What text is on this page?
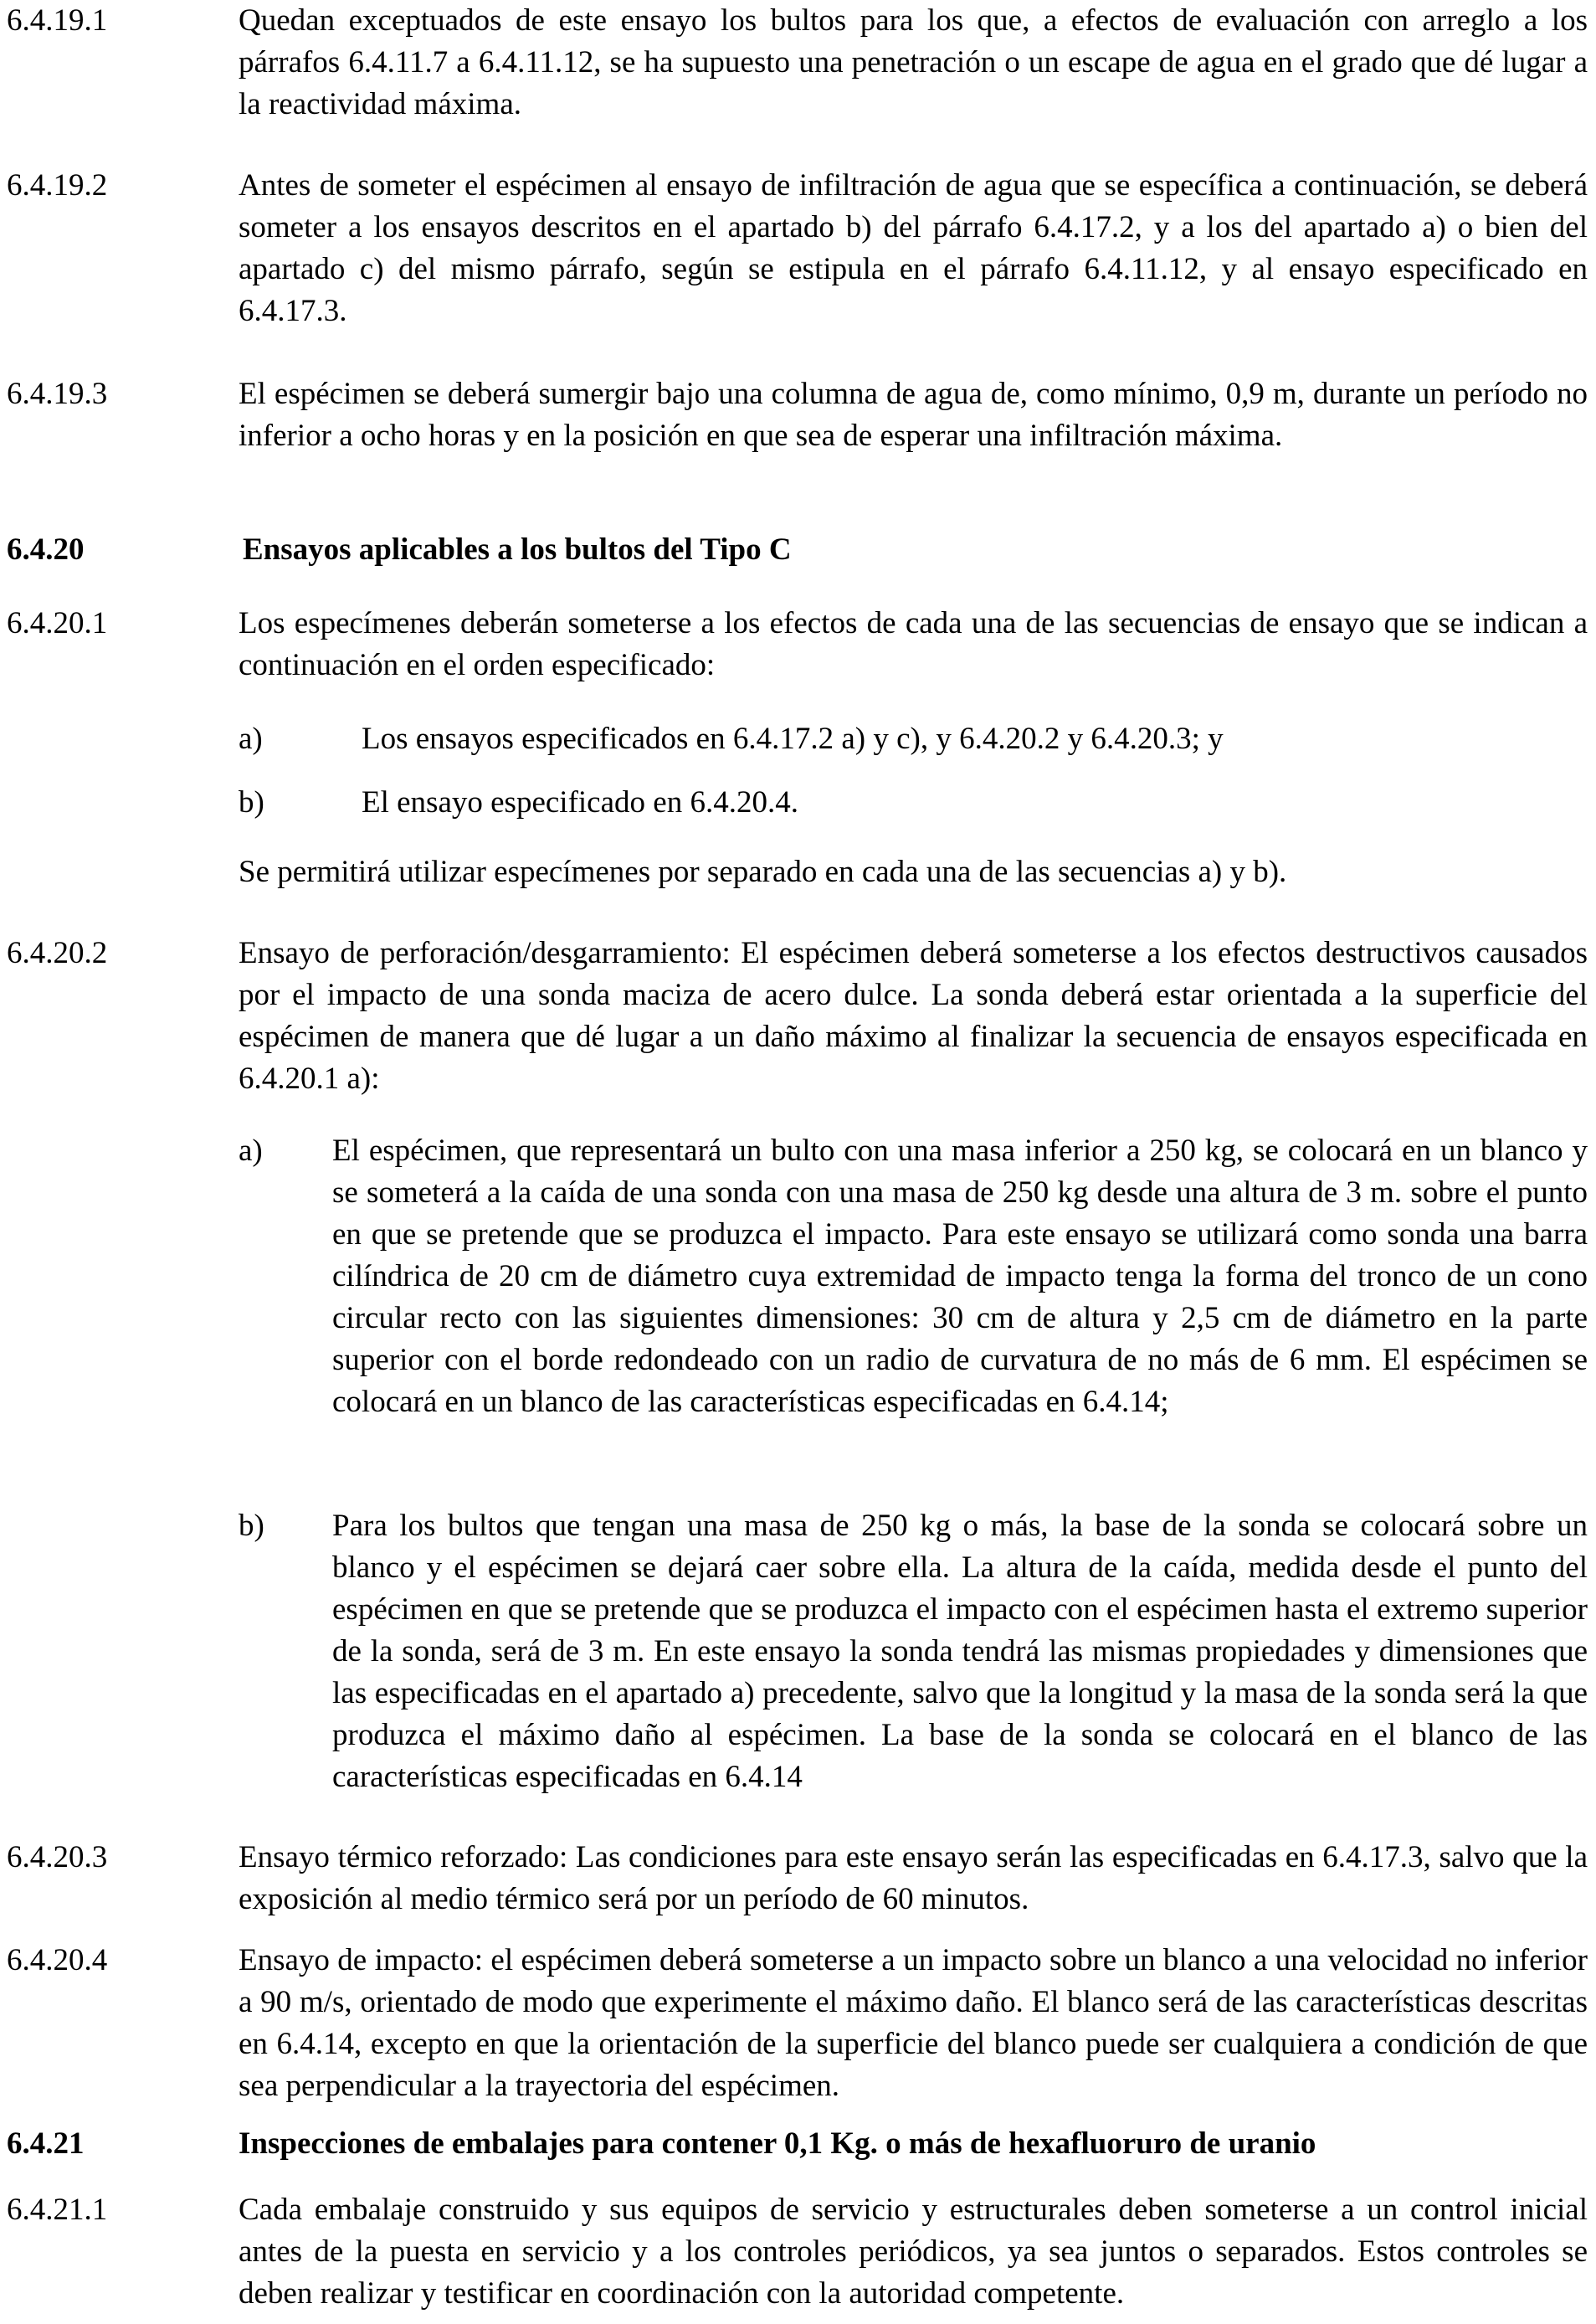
6.4.19.1	Quedan exceptuados de este ensayo los bultos para los que, a efectos de evaluación con arreglo a los párrafos 6.4.11.7 a 6.4.11.12, se ha supuesto una penetración o un escape de agua en el grado que dé lugar a la reactividad máxima.
6.4.19.2	Antes de someter el espécimen al ensayo de infiltración de agua que se específica a continuación, se deberá someter a los ensayos descritos en el apartado b) del párrafo 6.4.17.2, y a los del apartado a) o bien del apartado c) del mismo párrafo, según se estipula en el párrafo 6.4.11.12, y al ensayo especificado en 6.4.17.3.
6.4.19.3	El espécimen se deberá sumergir bajo una columna de agua de, como mínimo, 0,9 m, durante un período no inferior a ocho horas y en la posición en que sea de esperar una infiltración máxima.
6.4.20	Ensayos aplicables a los bultos del Tipo C
6.4.20.1	Los especímenes deberán someterse a los efectos de cada una de las secuencias de ensayo que se indican a continuación en el orden especificado:
a)	Los ensayos especificados en 6.4.17.2 a) y c), y 6.4.20.2 y 6.4.20.3; y
b)	El ensayo especificado en 6.4.20.4.
Se permitirá utilizar especímenes por separado en cada una de las secuencias a) y b).
6.4.20.2	Ensayo de perforación/desgarramiento: El espécimen deberá someterse a los efectos destructivos causados por el impacto de una sonda maciza de acero dulce. La sonda deberá estar orientada a la superficie del espécimen de manera que dé lugar a un daño máximo al finalizar la secuencia de ensayos especificada en 6.4.20.1 a):
a) El espécimen, que representará un bulto con una masa inferior a 250 kg, se colocará en un blanco y se someterá a la caída de una sonda con una masa de 250 kg desde una altura de 3 m. sobre el punto en que se pretende que se produzca el impacto. Para este ensayo se utilizará como sonda una barra cilíndrica de 20 cm de diámetro cuya extremidad de impacto tenga la forma del tronco de un cono circular recto con las siguientes dimensiones: 30 cm de altura y 2,5 cm de diámetro en la parte superior con el borde redondeado con un radio de curvatura de no más de 6 mm. El espécimen se colocará en un blanco de las características especificadas en 6.4.14;
b) Para los bultos que tengan una masa de 250 kg o más, la base de la sonda se colocará sobre un blanco y el espécimen se dejará caer sobre ella. La altura de la caída, medida desde el punto del espécimen en que se pretende que se produzca el impacto con el espécimen hasta el extremo superior de la sonda, será de 3 m. En este ensayo la sonda tendrá las mismas propiedades y dimensiones que las especificadas en el apartado a) precedente, salvo que la longitud y la masa de la sonda será la que produzca el máximo daño al espécimen. La base de la sonda se colocará en el blanco de las características especificadas en 6.4.14
6.4.20.3	Ensayo térmico reforzado: Las condiciones para este ensayo serán las especificadas en 6.4.17.3, salvo que la exposición al medio térmico será por un período de 60 minutos.
6.4.20.4	Ensayo de impacto: el espécimen deberá someterse a un impacto sobre un blanco a una velocidad no inferior a 90 m/s, orientado de modo que experimente el máximo daño. El blanco será de las características descritas en 6.4.14, excepto en que la orientación de la superficie del blanco puede ser cualquiera a condición de que sea perpendicular a la trayectoria del espécimen.
6.4.21	Inspecciones de embalajes para contener 0,1 Kg. o más de hexafluoruro de uranio
6.4.21.1	Cada embalaje construido y sus equipos de servicio y estructurales deben someterse a un control inicial antes de la puesta en servicio y a los controles periódicos, ya sea juntos o separados. Estos controles se deben realizar y testificar en coordinación con la autoridad competente.
